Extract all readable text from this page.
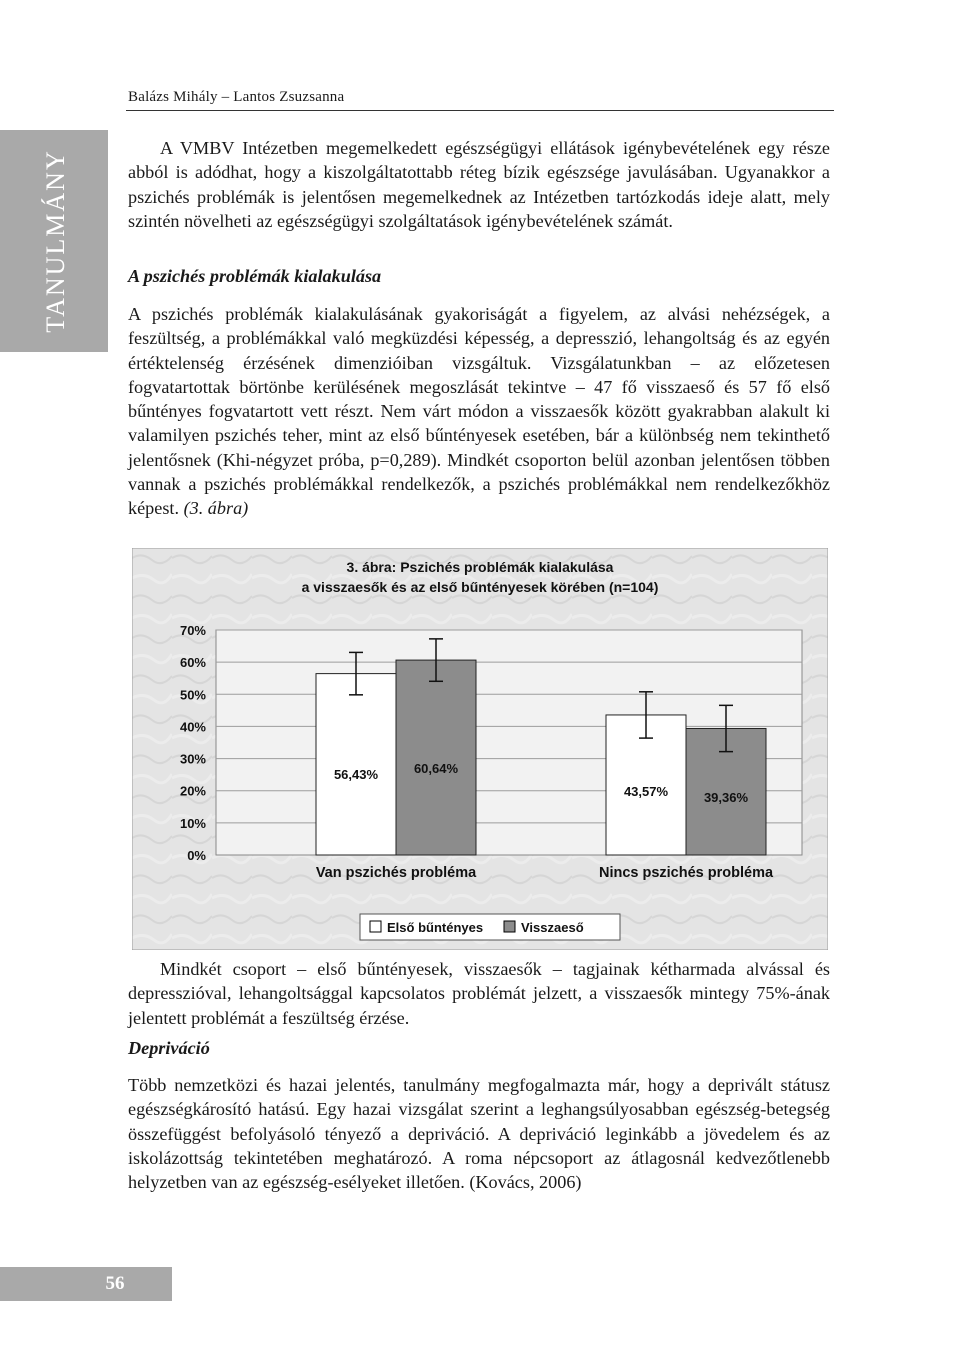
Balázs Mihály – Lantos Zsuzsanna
TANULMÁNY

A VMBV Intézetben megemelkedett egészségügyi ellátások igénybevételének egy része abból is adódhat, hogy a kiszolgáltatottabb réteg bízik egészsége javulásában. Ugyanakkor a pszichés problémák is jelentősen megemelkednek az Intézetben tartózkodás ideje alatt, mely szintén növelheti az egészségügyi szolgáltatások igénybevételének számát.

A pszichés problémák kialakulása

A pszichés problémák kialakulásának gyakoriságát a figyelem, az alvási nehézségek, a feszültség, a problémákkal való megküzdési képesség, a depresszió, lehangoltság és az egyén értéktelenség érzésének dimenzióiban vizsgáltuk. Vizsgálatunkban – az előzetesen fogvatartottak börtönbe kerülésének megoszlását tekintve – 47 fő visszaeső és 57 fő első bűntényes fogvatartott vett részt. Nem várt módon a visszaesők között gyakrabban alakult ki valamilyen pszichés teher, mint az első bűntényesek esetében, bár a különbség nem tekinthető jelentősnek (Khi-négyzet próba, p=0,289). Mindkét csoporton belül azonban jelentősen többen vannak a pszichés problémákkal rendelkezők, a pszichés problémákkal nem rendelkezőkhöz képest. (3. ábra)

3. ábra: Pszichés problémák kialakulása
a visszaesők és az első bűntényesek körében (n=104)
0%
10%
20%
30%
40%
50%
60%
70%
56,43%	60,64%
43,57%	39,36%
Van pszichés probléma	Nincs pszichés probléma
Első bűntényes	Visszaeső

Mindkét csoport – első bűntényesek, visszaesők – tagjainak kétharmada alvással és depresszióval, lehangoltsággal kapcsolatos problémát jelzett, a visszaesők mintegy 75%-ának jelentett problémát a feszültség érzése.

Depriváció

Több nemzetközi és hazai jelentés, tanulmány megfogalmazta már, hogy a deprivált státusz egészségkárosító hatású. Egy hazai vizsgálat szerint a leghangsúlyosabban egészség-betegség összefüggést befolyásoló tényező a depriváció. A depriváció leginkább a jövedelem és az iskolázottság tekintetében meghatározó. A roma népcsoport az átlagosnál kedvezőtlenebb helyzetben van az egészség-esélyeket illetően. (Kovács, 2006)

56
